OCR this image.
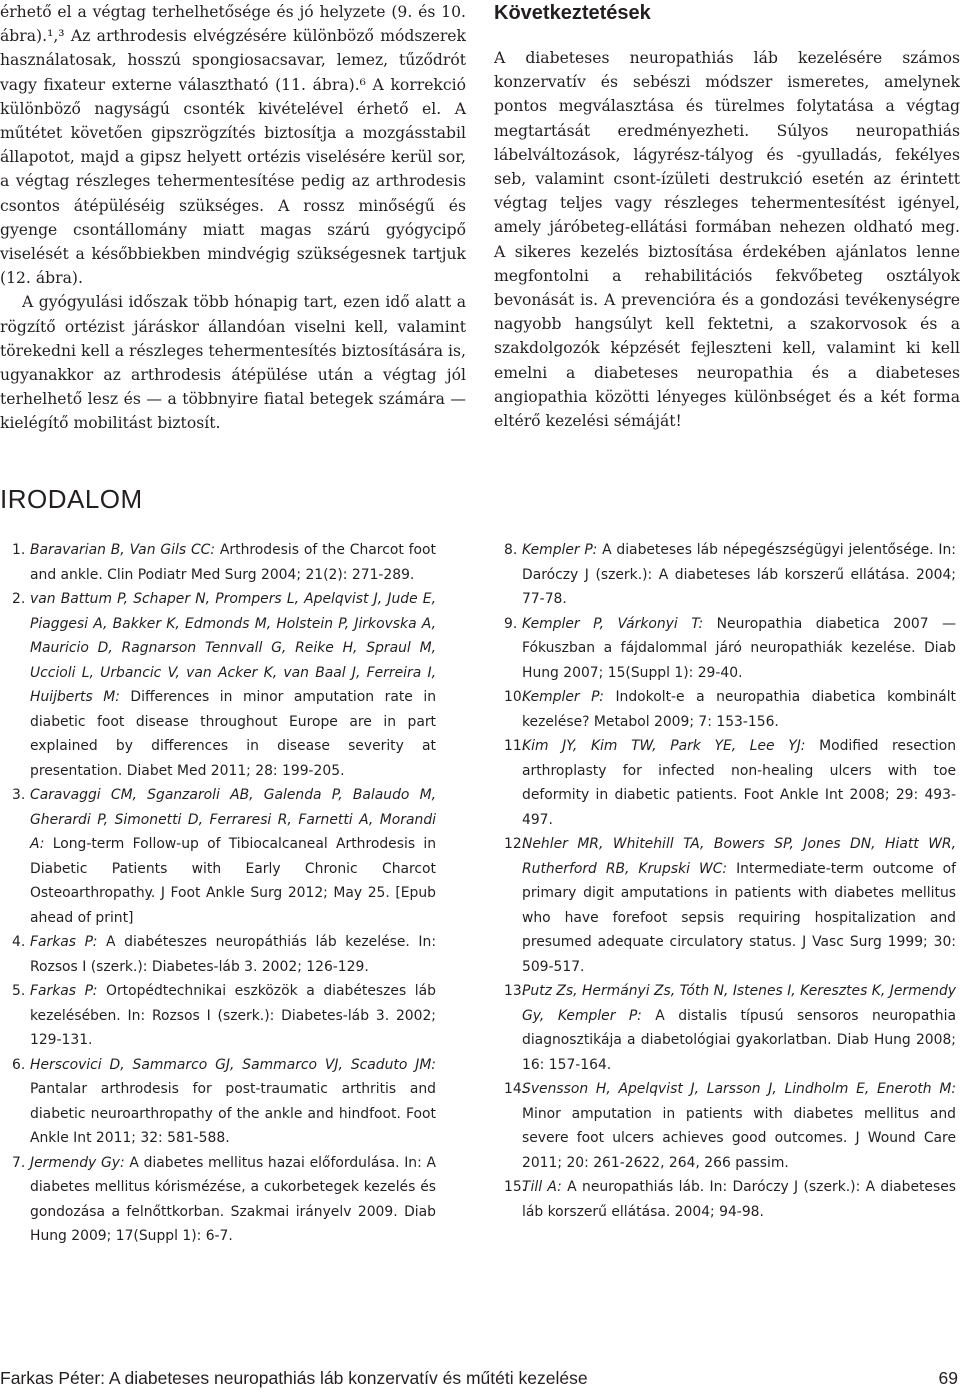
érhető el a végtag terhelhetősége és jó helyzete (9. és 10. ábra).¹,³ Az arthrodesis elvégzésére különböző módszerek használatosak, hosszú spongiosacsavar, lemez, tűződrót vagy fixateur externe választható (11. ábra).⁶ A korrekció különböző nagyságú csonték kivételével érhető el. A műtétet követően gipszrögzítés biztosítja a mozgásstabil állapotot, majd a gipsz helyett ortézis viselésére kerül sor, a végtag részleges tehermentesítése pedig az arthrodesis csontos átépüléséig szükséges. A rossz minőségű és gyenge csontállomány miatt magas szárú gyógycipő viselését a későbbiekben mindvégig szükségesnek tartjuk (12. ábra).

A gyógyulási időszak több hónapig tart, ezen idő alatt a rögzítő ortézist járáskor állandóan viselni kell, valamint törekedni kell a részleges tehermentesítés biztosítására is, ugyanakkor az arthrodesis átépülése után a végtag jól terhelhető lesz és — a többnyire fiatal betegek számára — kielégítő mobilitást biztosít.

Következtetések

A diabeteses neuropathiás láb kezelésére számos konzervatív és sebészi módszer ismeretes, amelynek pontos megválasztása és türelmes folytatása a végtag megtartását eredményezheti. Súlyos neuropathiás lábelváltozások, lágyrész-tályog és -gyulladás, fekélyes seb, valamint csont-ízületi destrukció esetén az érintett végtag teljes vagy részleges tehermentesítést igényel, amely járóbeteg-ellátási formában nehezen oldható meg. A sikeres kezelés biztosítása érdekében ajánlatos lenne megfontolni a rehabilitációs fekvőbeteg osztályok bevonását is. A prevencióra és a gondozási tevékenységre nagyobb hangsúlyt kell fektetni, a szakorvosok és a szakdolgozók képzését fejleszteni kell, valamint ki kell emelni a diabeteses neuropathia és a diabeteses angiopathia közötti lényeges különbséget és a két forma eltérő kezelési sémáját!

IRODALOM
1. Baravarian B, Van Gils CC: Arthrodesis of the Charcot foot and ankle. Clin Podiatr Med Surg 2004; 21(2): 271-289.
2. van Battum P, Schaper N, Prompers L, Apelqvist J, Jude E, Piaggesi A, Bakker K, Edmonds M, Holstein P, Jirkovska A, Mauricio D, Ragnarson Tennvall G, Reike H, Spraul M, Uccioli L, Urbancic V, van Acker K, van Baal J, Ferreira I, Huijberts M: Differences in minor amputation rate in diabetic foot disease throughout Europe are in part explained by differences in disease severity at presentation. Diabet Med 2011; 28: 199-205.
3. Caravaggi CM, Sganzaroli AB, Galenda P, Balaudo M, Gherardi P, Simonetti D, Ferraresi R, Farnetti A, Morandi A: Long-term Follow-up of Tibiocalcaneal Arthrodesis in Diabetic Patients with Early Chronic Charcot Osteoarthropathy. J Foot Ankle Surg 2012; May 25. [Epub ahead of print]
4. Farkas P: A diabéteszes neuropáthiás láb kezelése. In: Rozsos I (szerk.): Diabetes-láb 3. 2002; 126-129.
5. Farkas P: Ortopédtechnikai eszközök a diabéteszes láb kezelésében. In: Rozsos I (szerk.): Diabetes-láb 3. 2002; 129-131.
6. Herscovici D, Sammarco GJ, Sammarco VJ, Scaduto JM: Pantalar arthrodesis for post-traumatic arthritis and diabetic neuroarthropathy of the ankle and hindfoot. Foot Ankle Int 2011; 32: 581-588.
7. Jermendy Gy: A diabetes mellitus hazai előfordulása. In: A diabetes mellitus kórismézése, a cukorbetegek kezelés és gondozása a felnőttkorban. Szakmai irányelv 2009. Diab Hung 2009; 17(Suppl 1): 6-7.
8. Kempler P: A diabeteses láb népegészségügyi jelentősége. In: Daróczy J (szerk.): A diabeteses láb korszerű ellátása. 2004; 77-78.
9. Kempler P, Várkonyi T: Neuropathia diabetica 2007 — Fókuszban a fájdalommal járó neuropathiák kezelése. Diab Hung 2007; 15(Suppl 1): 29-40.
10.
Kempler P: Indokolt-e a neuropathia diabetica kombinált kezelése? Metabol 2009; 7: 153-156.
11.
Kim JY, Kim TW, Park YE, Lee YJ: Modified resection arthroplasty for infected non-healing ulcers with toe deformity in diabetic patients. Foot Ankle Int 2008; 29: 493-497.
12.
Nehler MR, Whitehill TA, Bowers SP, Jones DN, Hiatt WR, Rutherford RB, Krupski WC: Intermediate-term outcome of primary digit amputations in patients with diabetes mellitus who have forefoot sepsis requiring hospitalization and presumed adequate circulatory status. J Vasc Surg 1999; 30: 509-517.
13.
Putz Zs, Hermányi Zs, Tóth N, Istenes I, Keresztes K, Jermendy Gy, Kempler P: A distalis típusú sensoros neuropathia diagnosztikája a diabetológiai gyakorlatban. Diab Hung 2008; 16: 157-164.
14.
Svensson H, Apelqvist J, Larsson J, Lindholm E, Eneroth M: Minor amputation in patients with diabetes mellitus and severe foot ulcers achieves good outcomes. J Wound Care 2011; 20: 261-2622, 264, 266 passim.
15.
Till A: A neuropathiás láb. In: Daróczy J (szerk.): A diabeteses láb korszerű ellátása. 2004; 94-98.
Farkas Péter: A diabeteses neuropathiás láb konzervatív és műtéti kezelése	69
